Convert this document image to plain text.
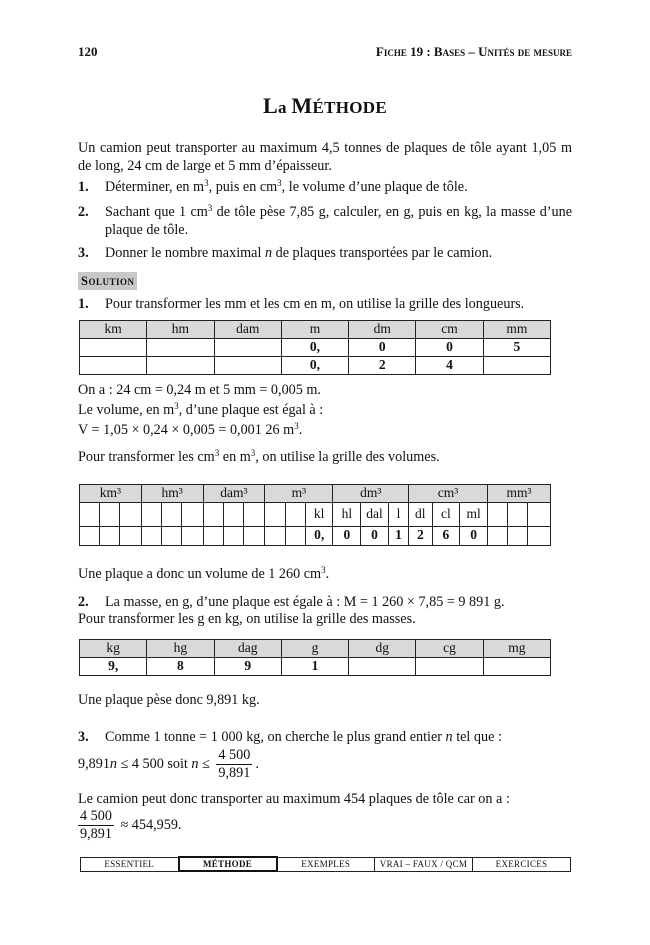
120	Fiche 19 : Bases – Unités de mesure
La MÉTHODE
Un camion peut transporter au maximum 4,5 tonnes de plaques de tôle ayant 1,05 m de long, 24 cm de large et 5 mm d’épaisseur.
1. Déterminer, en $m^3$, puis en $cm^3$, le volume d’une plaque de tôle.
2. Sachant que 1 $cm^3$ de tôle pèse 7,85 g, calculer, en g, puis en kg, la masse d’une plaque de tôle.
3. Donner le nombre maximal n de plaques transportées par le camion.
Solution
1. Pour transformer les mm et les cm en m, on utilise la grille des longueurs.
km	hm	dam	m	dm	cm	mm
			0,	0	0	5
			0,	2	4	
On a : 24 cm = 0,24 m et 5 mm = 0,005 m.
Le volume, en $m^3$, d’une plaque est égal à :
V = 1,05 × 0,24 × 0,005 = 0,001 26 $m^3$.
Pour transformer les $cm^3$ en $m^3$, on utilise la grille des volumes.
km³			hm³			dam³			m³			dm³			cm³			mm³		
											kl	hl	dal	l	dl	cl	ml			
											0,	0	0	1	2	6	0			
Une plaque a donc un volume de 1 260 $cm^3$.
2. La masse, en g, d’une plaque est égale à : M = 1 260 × 7,85 = 9 891 g.
Pour transformer les g en kg, on utilise la grille des masses.
kg	hg	dag	g	dg	cg	mg
9,	8	9	1			
Une plaque pèse donc 9,891 kg.
3. Comme 1 tonne = 1 000 kg, on cherche le plus grand entier n tel que :
9,891n ≤ 4 500 soit $n \le \frac{4 500}{9,891}$ .
Le camion peut donc transporter au maximum 454 plaques de tôle car on a :
$\frac{4 500}{9,891} \approx 454,959$.
ESSENTIEL	MÉTHODE	EXEMPLES	VRAI – FAUX / QCM	EXERCICES
